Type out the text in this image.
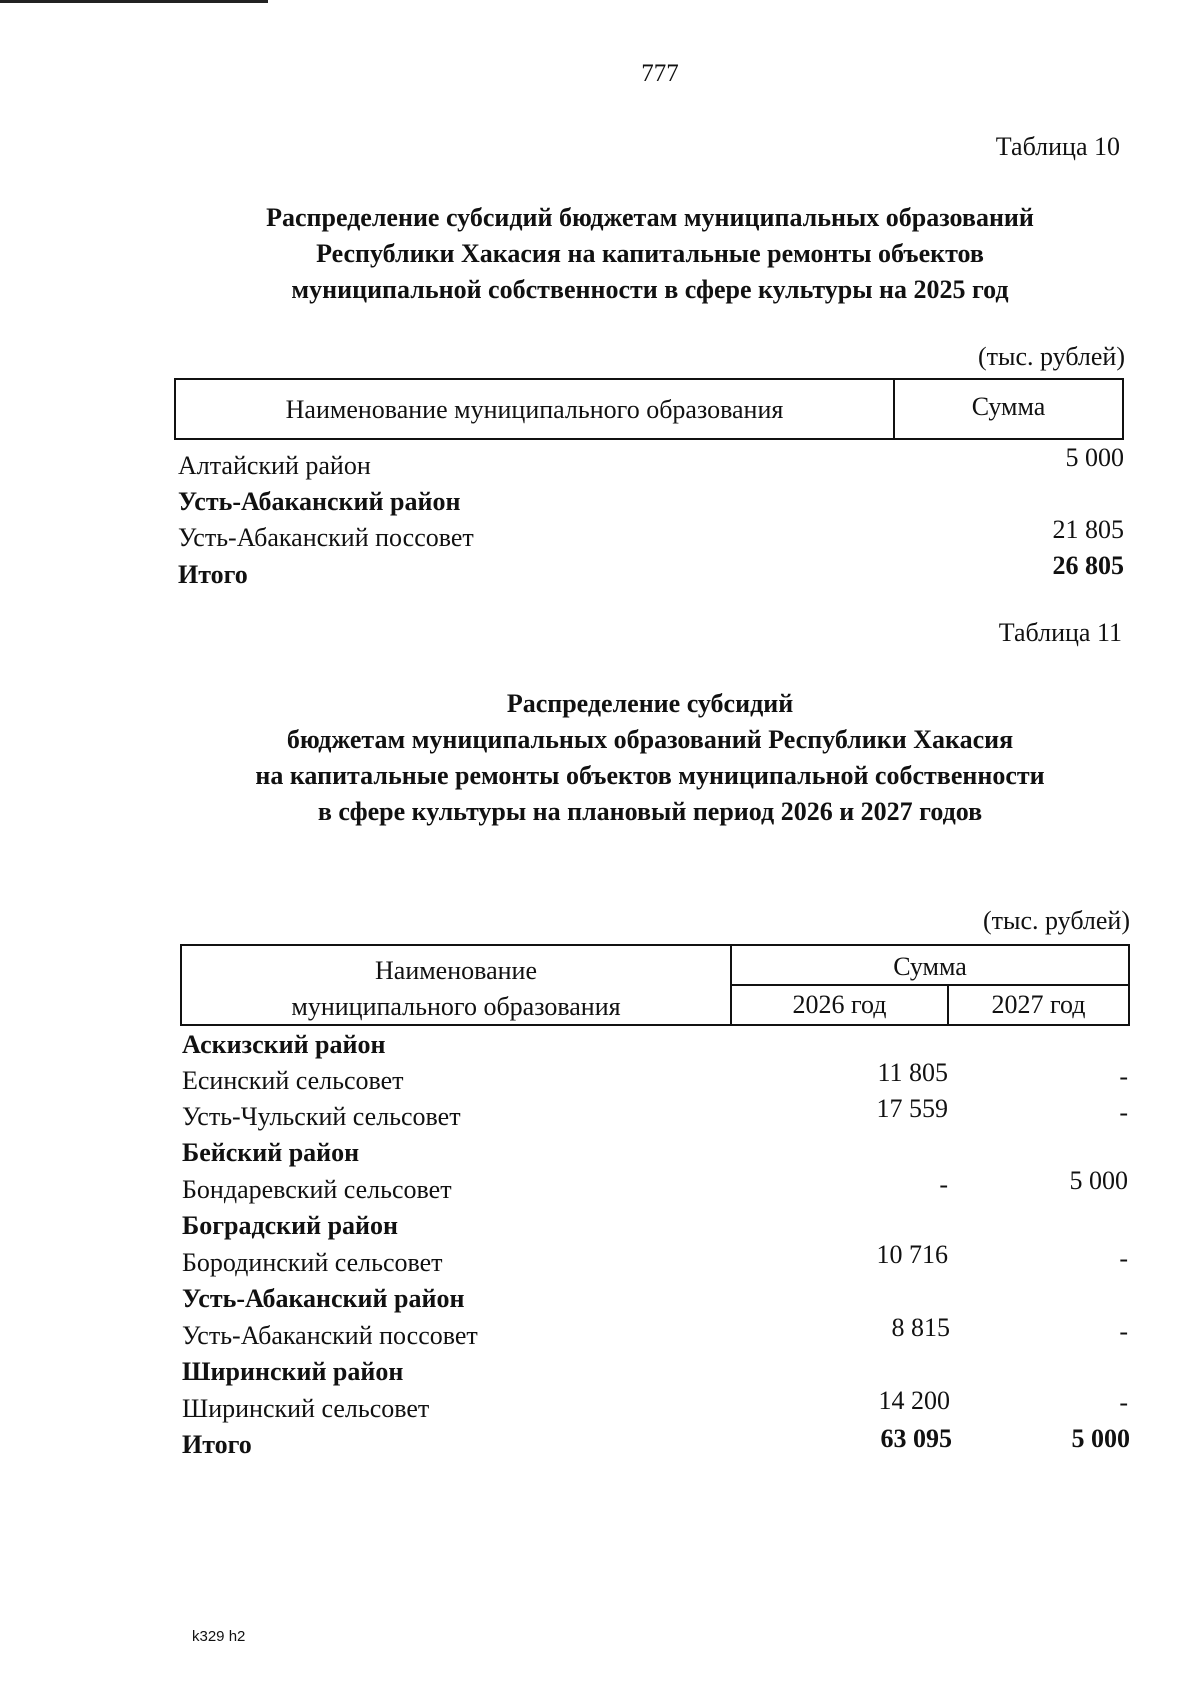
777
Таблица 10
Распределение субсидий бюджетам муниципальных образований
Республики Хакасия на капитальные ремонты объектов
муниципальной собственности в сфере культуры на 2025 год
(тыс. рублей)
Наименование муниципального образования	Сумма
Алтайский район	5 000
Усть-Абаканский район
Усть-Абаканский поссовет	21 805
Итого	26 805
Таблица 11
Распределение субсидий
бюджетам муниципальных образований Республики Хакасия
на капитальные ремонты объектов муниципальной собственности
в сфере культуры на плановый период 2026 и 2027 годов
(тыс. рублей)
Наименование
муниципального образования
Сумма
2026 год	2027 год
Аскизский район
Есинский сельсовет	11 805	-
Усть-Чульский сельсовет	17 559	-
Бейский район
Бондаревский сельсовет	-	5 000
Боградский район
Бородинский сельсовет	10 716	-
Усть-Абаканский район
Усть-Абаканский поссовет	8 815	-
Ширинский район
Ширинский сельсовет	14 200	-
Итого	63 095	5 000
k329 h2
